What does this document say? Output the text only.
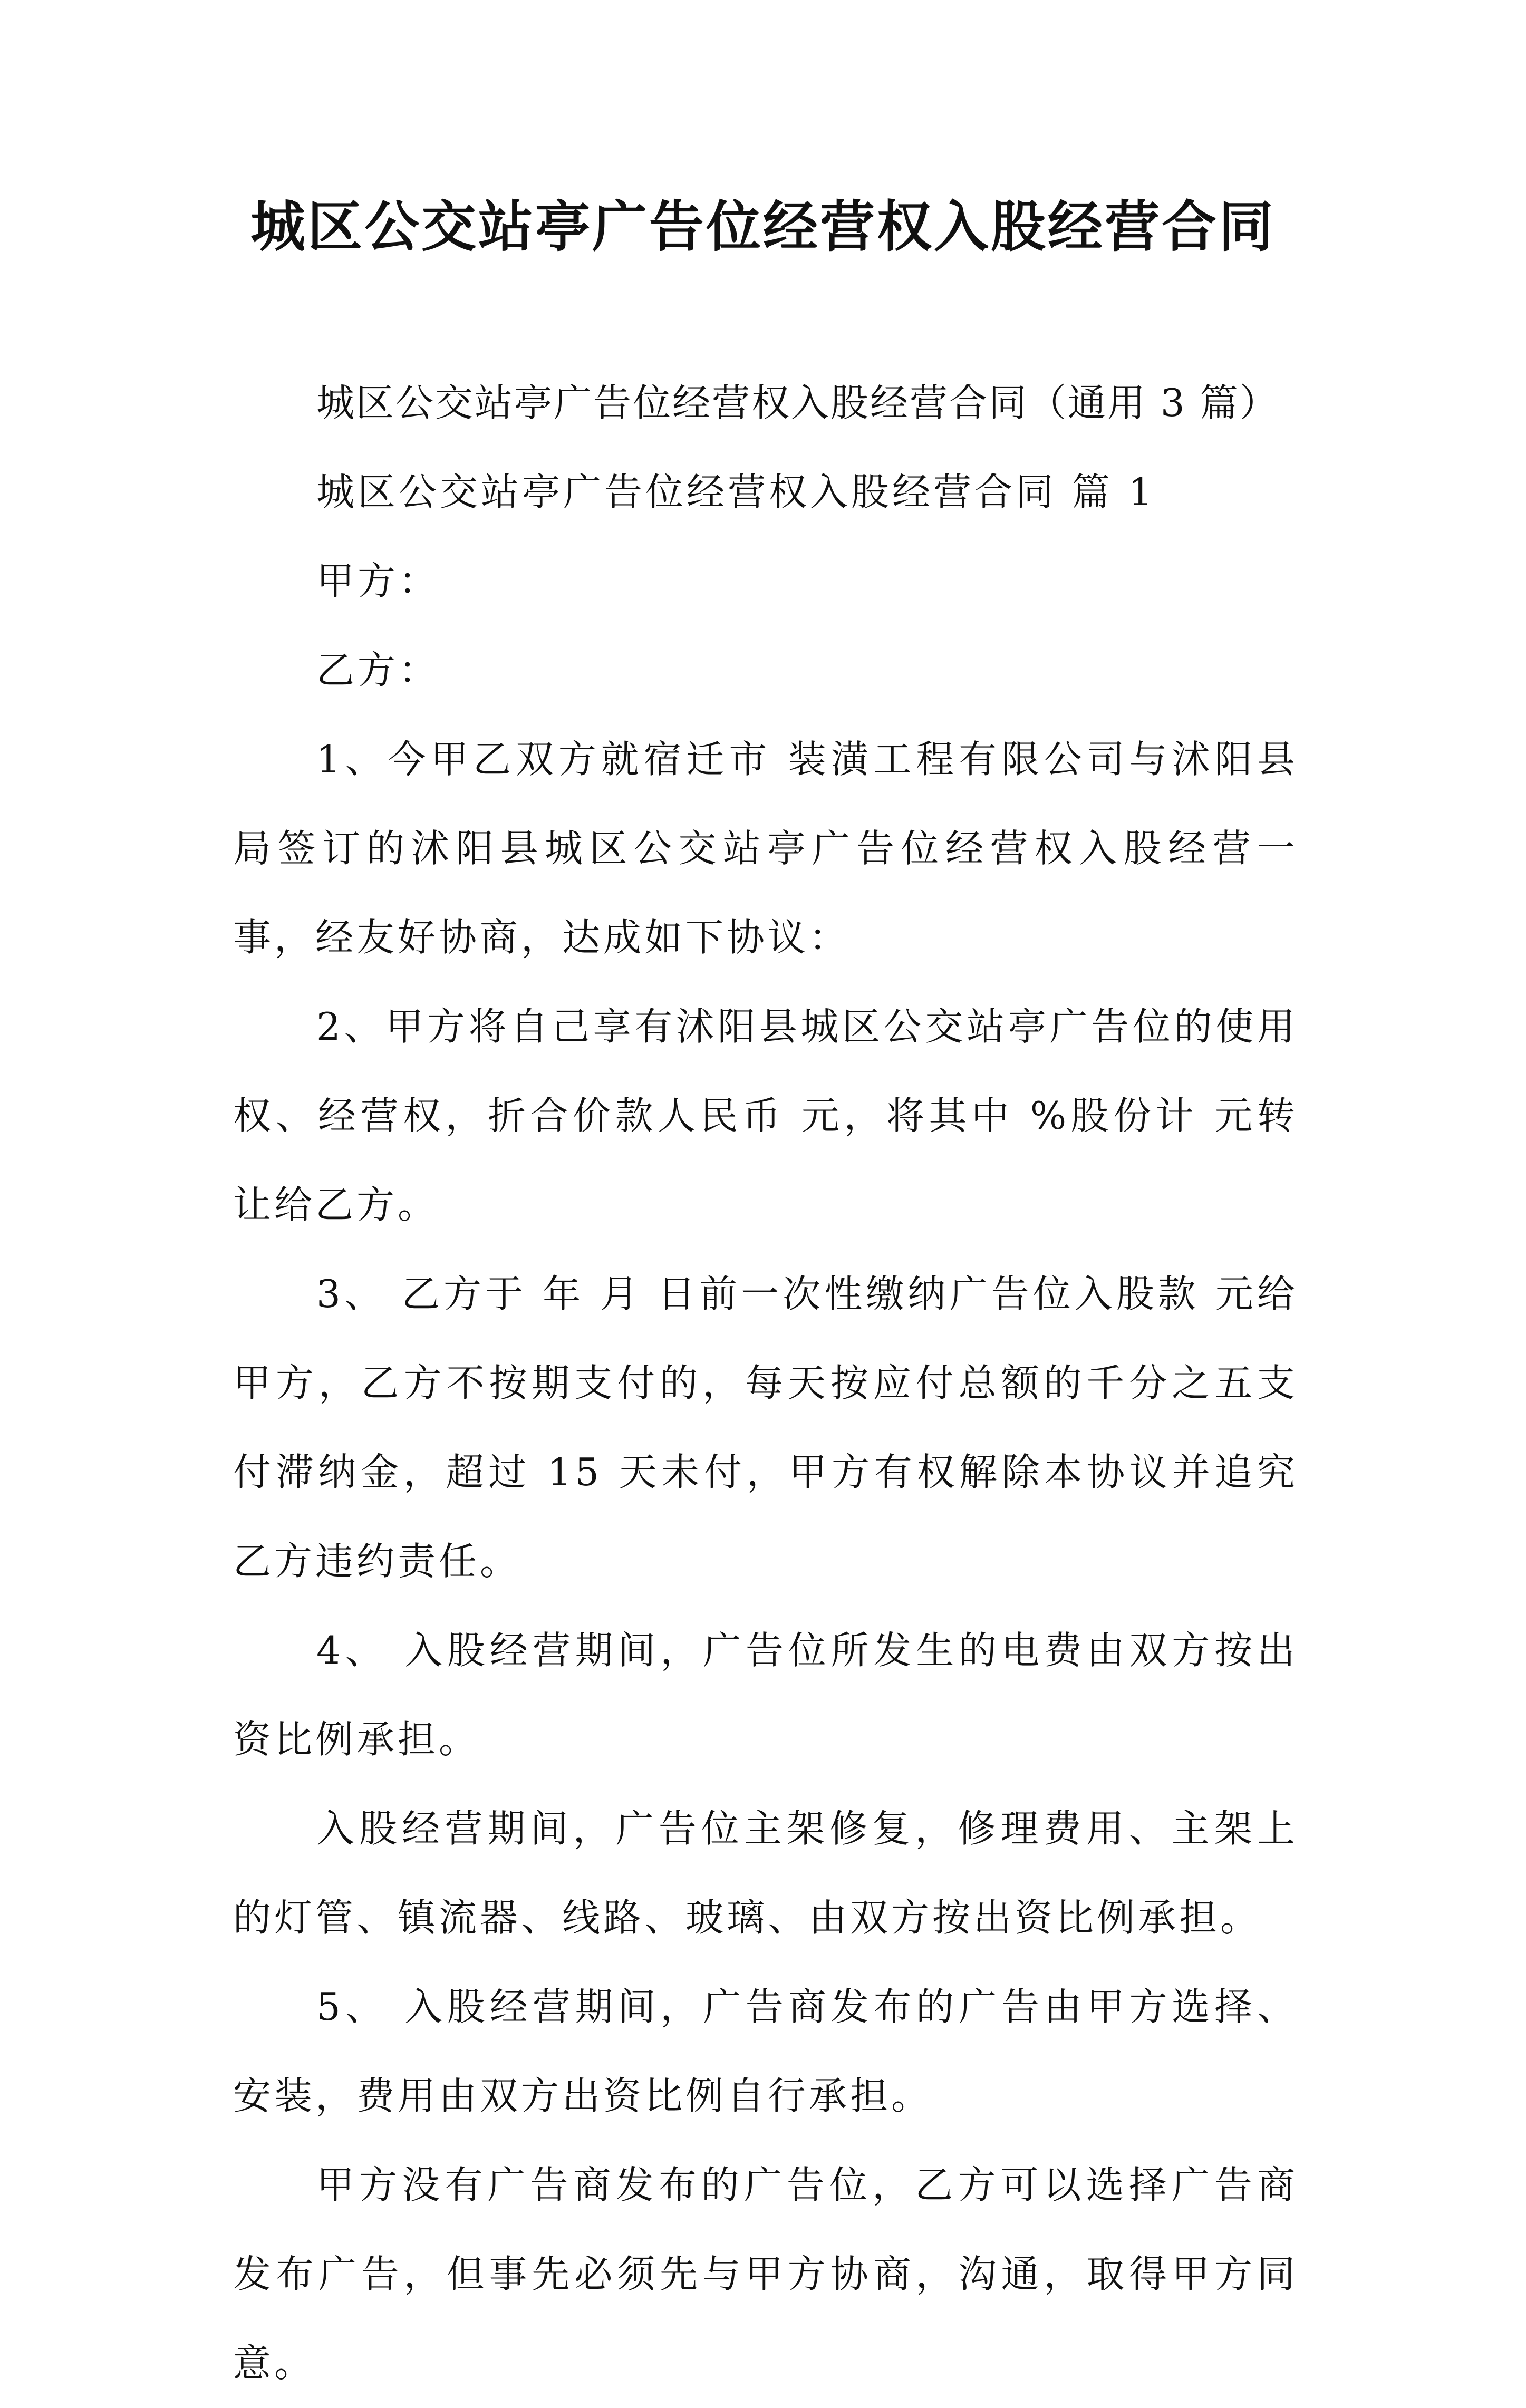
城区公交站亭广告位经营权入股经营合同

城区公交站亭广告位经营权入股经营合同（通用 3 篇）

城区公交站亭广告位经营权入股经营合同 篇 1

甲方：

乙方：

1、今甲乙双方就宿迁市 装潢工程有限公司与沭阳县 局签订的沭阳县城区公交站亭广告位经营权入股经营一事，经友好协商，达成如下协议：

2、甲方将自己享有沭阳县城区公交站亭广告位的使用权、经营权，折合价款人民币 元，将其中 %股份计 元转让给乙方。

3、 乙方于 年 月 日前一次性缴纳广告位入股款 元给甲方，乙方不按期支付的，每天按应付总额的千分之五支付滞纳金，超过 15 天未付，甲方有权解除本协议并追究乙方违约责任。

4、 入股经营期间，广告位所发生的电费由双方按出资比例承担。

入股经营期间，广告位主架修复，修理费用、主架上的灯管、镇流器、线路、玻璃、由双方按出资比例承担。

5、 入股经营期间，广告商发布的广告由甲方选择、安装，费用由双方出资比例自行承担。

甲方没有广告商发布的广告位，乙方可以选择广告商发布广告，但事先必须先与甲方协商，沟通，取得甲方同意。
